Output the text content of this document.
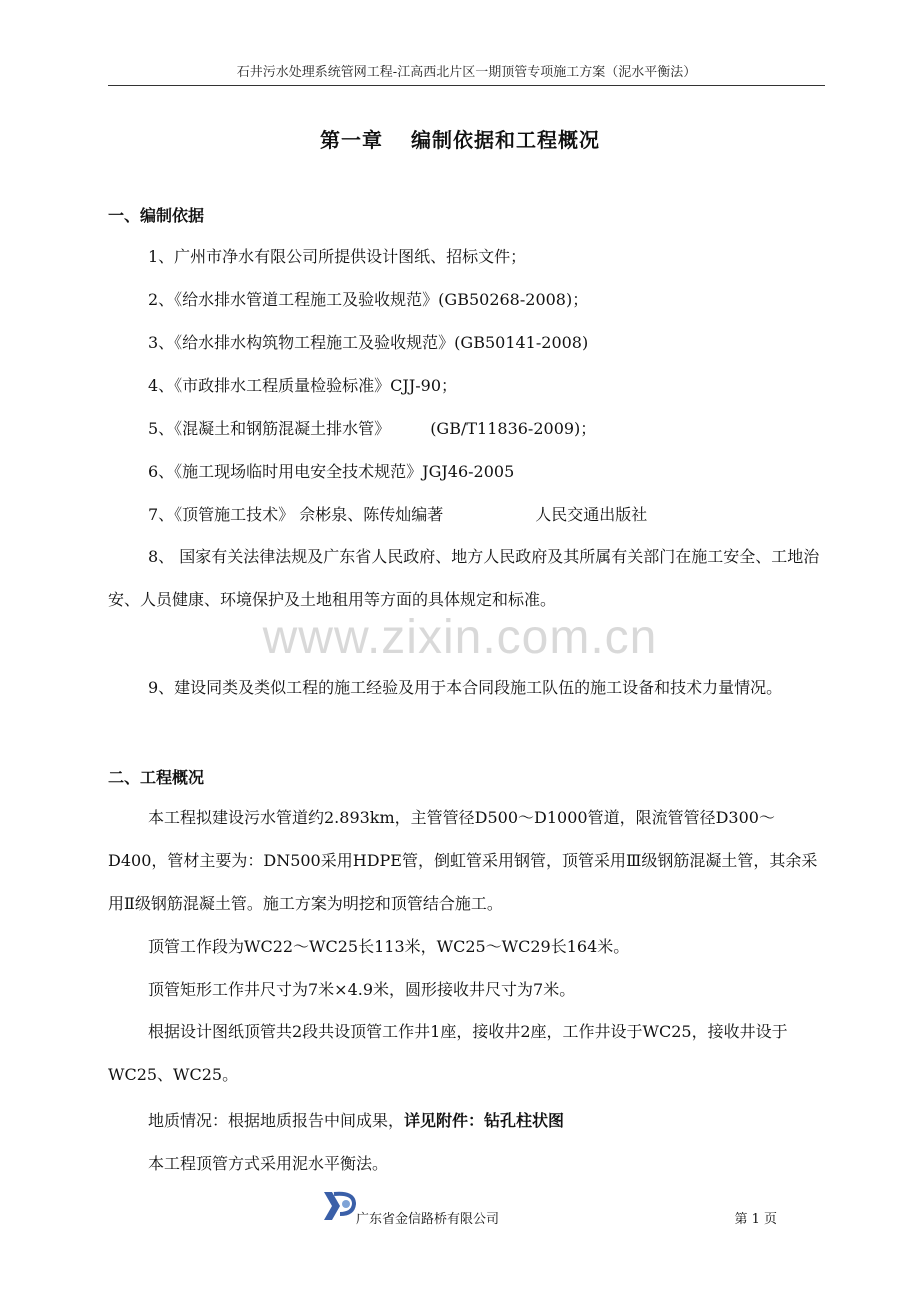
石井污水处理系统管网工程-江高西北片区一期顶管专项施工方案（泥水平衡法）
第一章 编制依据和工程概况
一、编制依据
1、广州市净水有限公司所提供设计图纸、招标文件；
2、《给水排水管道工程施工及验收规范》(GB50268-2008)；
3、《给水排水构筑物工程施工及验收规范》(GB50141-2008)
4、《市政排水工程质量检验标准》CJJ-90；
5、《混凝土和钢筋混凝土排水管》	(GB/T11836-2009)；
6、《施工现场临时用电安全技术规范》JGJ46-2005
7、《顶管施工技术》 佘彬泉、陈传灿编著	人民交通出版社
8、 国家有关法律法规及广东省人民政府、地方人民政府及其所属有关部门在施工安全、工地治安、人员健康、环境保护及土地租用等方面的具体规定和标准。
www.zixin.com.cn
9、建设同类及类似工程的施工经验及用于本合同段施工队伍的施工设备和技术力量情况。
二、工程概况
本工程拟建设污水管道约2.893km，主管管径D500～D1000管道，限流管管径D300～D400，管材主要为：DN500采用HDPE管，倒虹管采用钢管，顶管采用Ⅲ级钢筋混凝土管，其余采用Ⅱ级钢筋混凝土管。施工方案为明挖和顶管结合施工。
顶管工作段为WC22～WC25长113米，WC25～WC29长164米。
顶管矩形工作井尺寸为7米×4.9米，圆形接收井尺寸为7米。
根据设计图纸顶管共2段共设顶管工作井1座，接收井2座，工作井设于WC25，接收井设于WC25、WC25。
地质情况：根据地质报告中间成果，详见附件：钻孔柱状图
本工程顶管方式采用泥水平衡法。
广东省金信路桥有限公司	第 1 页
